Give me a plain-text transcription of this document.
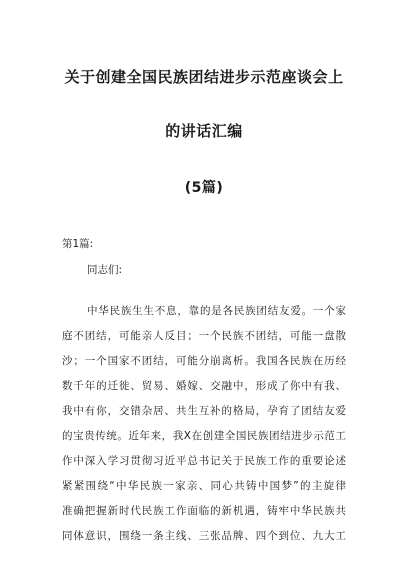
关于创建全国民族团结进步示范座谈会上
的讲话汇编
(5篇)
第1篇:
同志们:
中华民族生生不息，靠的是各民族团结友爱。一个家
庭不团结，可能亲人反目；一个民族不团结，可能一盘散
沙；一个国家不团结，可能分崩离析。我国各民族在历经
数千年的迁徙、贸易、婚嫁、交融中，形成了你中有我、
我中有你，交错杂居、共生互补的格局，孕育了团结友爱
的宝贵传统。近年来，我X在创建全国民族团结进步示范工
作中深入学习贯彻习近平总书记关于民族工作的重要论述
紧紧围绕“中华民族一家亲、同心共铸中国梦”的主旋律
准确把握新时代民族工作面临的新机遇，铸牢中华民族共
同体意识，围绕一条主线、三张品牌、四个到位、九大工
